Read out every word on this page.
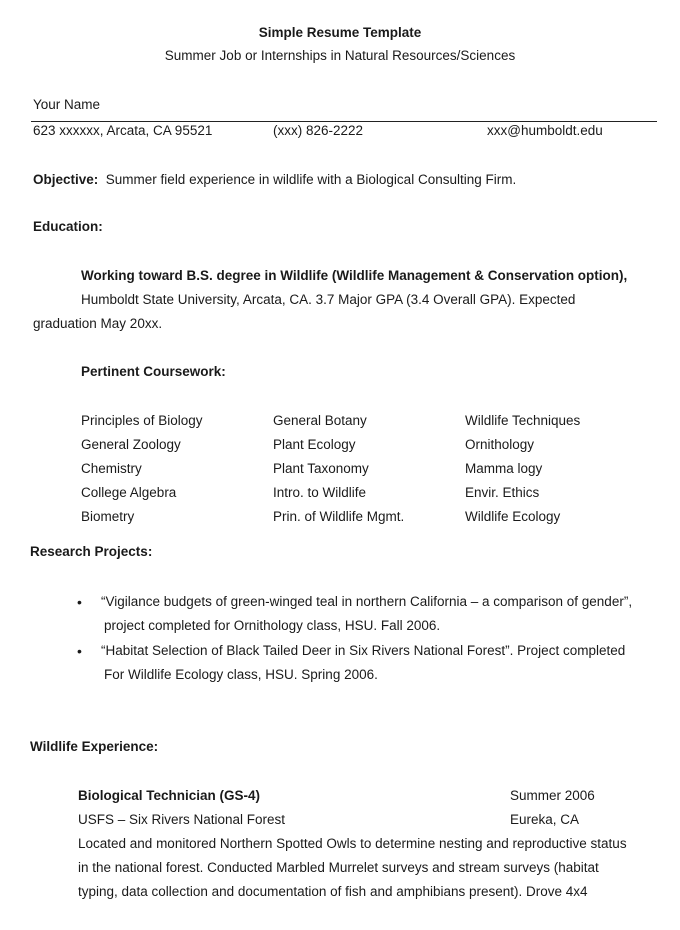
Simple Resume Template
Summer Job or Internships in Natural Resources/Sciences
Your Name
623 xxxxxx, Arcata, CA 95521	(xxx) 826-2222	xxx@humboldt.edu
Objective: Summer field experience in wildlife with a Biological Consulting Firm.
Education:
Working toward B.S. degree in Wildlife (Wildlife Management & Conservation option),
Humboldt State University, Arcata, CA. 3.7 Major GPA (3.4 Overall GPA). Expected
graduation May 20xx.
Pertinent Coursework:
Principles of Biology	General Botany	Wildlife Techniques
General Zoology	Plant Ecology	Ornithology
Chemistry	Plant Taxonomy	Mamma logy
College Algebra	Intro. to Wildlife	Envir. Ethics
Biometry	Prin. of Wildlife Mgmt.	Wildlife Ecology
Research Projects:
• “Vigilance budgets of green-winged teal in northern California – a comparison of gender”,
project completed for Ornithology class, HSU. Fall 2006.
• “Habitat Selection of Black Tailed Deer in Six Rivers National Forest”. Project completed
For Wildlife Ecology class, HSU. Spring 2006.
Wildlife Experience:
Biological Technician (GS-4)	Summer 2006
USFS – Six Rivers National Forest	Eureka, CA
Located and monitored Northern Spotted Owls to determine nesting and reproductive status
in the national forest. Conducted Marbled Murrelet surveys and stream surveys (habitat
typing, data collection and documentation of fish and amphibians present). Drove 4x4
